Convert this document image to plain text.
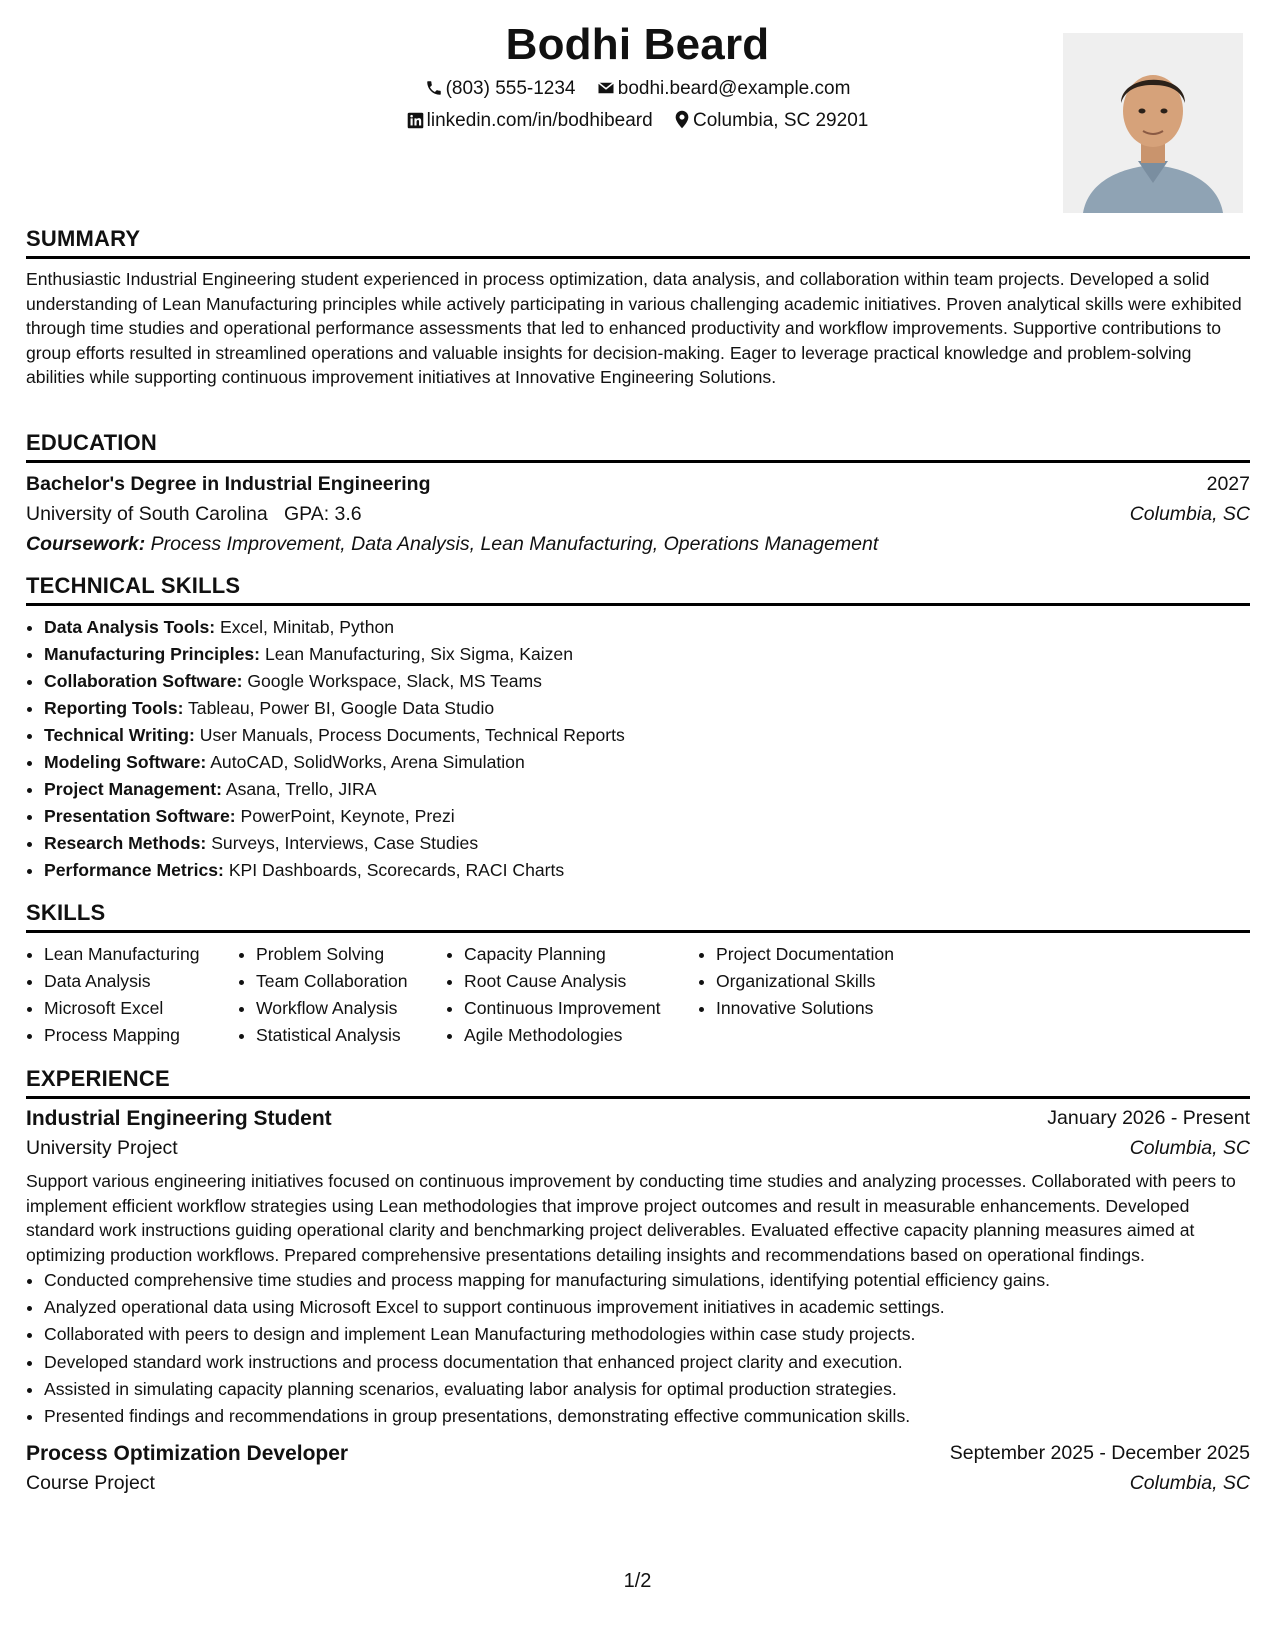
Bodhi Beard
(803) 555-1234 bodhi.beard@example.com
linkedin.com/in/bodhibeard Columbia, SC 29201
SUMMARY
Enthusiastic Industrial Engineering student experienced in process optimization, data analysis, and collaboration within team projects. Developed a solid understanding of Lean Manufacturing principles while actively participating in various challenging academic initiatives. Proven analytical skills were exhibited through time studies and operational performance assessments that led to enhanced productivity and workflow improvements. Supportive contributions to group efforts resulted in streamlined operations and valuable insights for decision-making. Eager to leverage practical knowledge and problem-solving abilities while supporting continuous improvement initiatives at Innovative Engineering Solutions.
EDUCATION
Bachelor's Degree in Industrial Engineering	2027
University of South Carolina GPA: 3.6	Columbia, SC
Coursework: Process Improvement, Data Analysis, Lean Manufacturing, Operations Management
TECHNICAL SKILLS
• Data Analysis Tools: Excel, Minitab, Python
• Manufacturing Principles: Lean Manufacturing, Six Sigma, Kaizen
• Collaboration Software: Google Workspace, Slack, MS Teams
• Reporting Tools: Tableau, Power BI, Google Data Studio
• Technical Writing: User Manuals, Process Documents, Technical Reports
• Modeling Software: AutoCAD, SolidWorks, Arena Simulation
• Project Management: Asana, Trello, JIRA
• Presentation Software: PowerPoint, Keynote, Prezi
• Research Methods: Surveys, Interviews, Case Studies
• Performance Metrics: KPI Dashboards, Scorecards, RACI Charts
SKILLS
• Lean Manufacturing
• Data Analysis
• Microsoft Excel
• Process Mapping
• Problem Solving
• Team Collaboration
• Workflow Analysis
• Statistical Analysis
• Capacity Planning
• Root Cause Analysis
• Continuous Improvement
• Agile Methodologies
• Project Documentation
• Organizational Skills
• Innovative Solutions
EXPERIENCE
Industrial Engineering Student	January 2026 - Present
University Project	Columbia, SC
Support various engineering initiatives focused on continuous improvement by conducting time studies and analyzing processes. Collaborated with peers to implement efficient workflow strategies using Lean methodologies that improve project outcomes and result in measurable enhancements. Developed standard work instructions guiding operational clarity and benchmarking project deliverables. Evaluated effective capacity planning measures aimed at optimizing production workflows. Prepared comprehensive presentations detailing insights and recommendations based on operational findings.
• Conducted comprehensive time studies and process mapping for manufacturing simulations, identifying potential efficiency gains.
• Analyzed operational data using Microsoft Excel to support continuous improvement initiatives in academic settings.
• Collaborated with peers to design and implement Lean Manufacturing methodologies within case study projects.
• Developed standard work instructions and process documentation that enhanced project clarity and execution.
• Assisted in simulating capacity planning scenarios, evaluating labor analysis for optimal production strategies.
• Presented findings and recommendations in group presentations, demonstrating effective communication skills.
Process Optimization Developer	September 2025 - December 2025
Course Project	Columbia, SC
1/2
